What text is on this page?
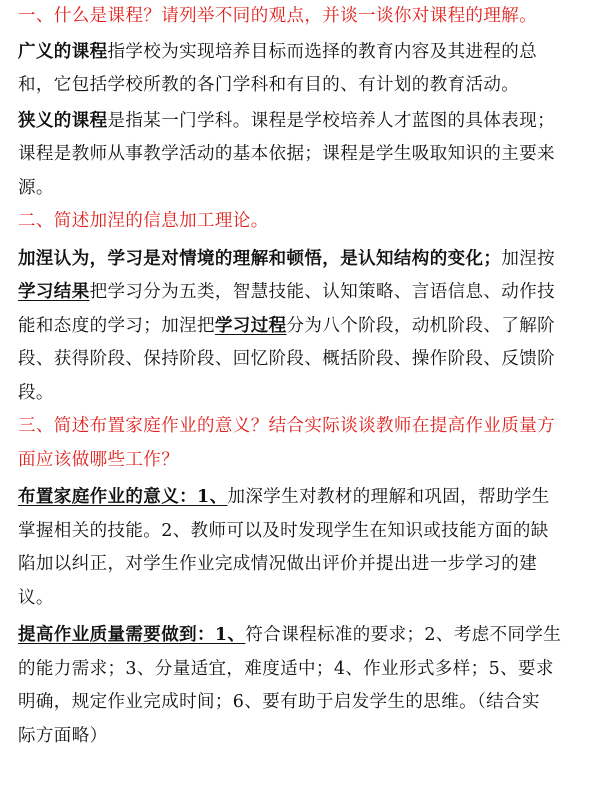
一、什么是课程？请列举不同的观点，并谈一谈你对课程的理解。
广义的课程指学校为实现培养目标而选择的教育内容及其进程的总
和，它包括学校所教的各门学科和有目的、有计划的教育活动。
狭义的课程是指某一门学科。课程是学校培养人才蓝图的具体表现；
课程是教师从事教学活动的基本依据；课程是学生吸取知识的主要来
源。
二、简述加涅的信息加工理论。
加涅认为，学习是对情境的理解和顿悟，是认知结构的变化；加涅按
学习结果把学习分为五类，智慧技能、认知策略、言语信息、动作技
能和态度的学习；加涅把学习过程分为八个阶段，动机阶段、了解阶
段、获得阶段、保持阶段、回忆阶段、概括阶段、操作阶段、反馈阶
段。
三、简述布置家庭作业的意义？结合实际谈谈教师在提高作业质量方
面应该做哪些工作？
布置家庭作业的意义：1、加深学生对教材的理解和巩固，帮助学生
掌握相关的技能。2、教师可以及时发现学生在知识或技能方面的缺
陷加以纠正，对学生作业完成情况做出评价并提出进一步学习的建
议。
提高作业质量需要做到：1、符合课程标准的要求；2、考虑不同学生
的能力需求；3、分量适宜，难度适中；4、作业形式多样；5、要求
明确，规定作业完成时间；6、要有助于启发学生的思维。（结合实
际方面略）
